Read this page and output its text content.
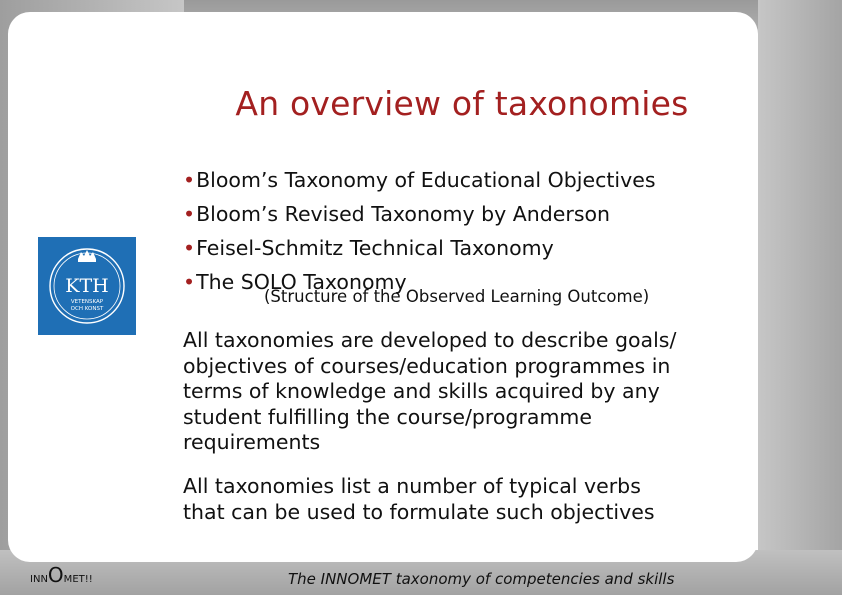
An overview of taxonomies
•Bloom’s Taxonomy of Educational Objectives
•Bloom’s Revised Taxonomy by Anderson
•Feisel-Schmitz Technical Taxonomy
•The SOLO Taxonomy
(Structure of the Observed Learning Outcome)
All taxonomies are developed to describe goals/
objectives of courses/education programmes in
terms of knowledge and skills acquired by any
student fulfilling the course/programme
requirements
All taxonomies list a number of typical verbs
that can be used to formulate such objectives
KTH
VETENSKAP
OCH KONST
INNOMET!!	The INNOMET taxonomy of competencies and skills
